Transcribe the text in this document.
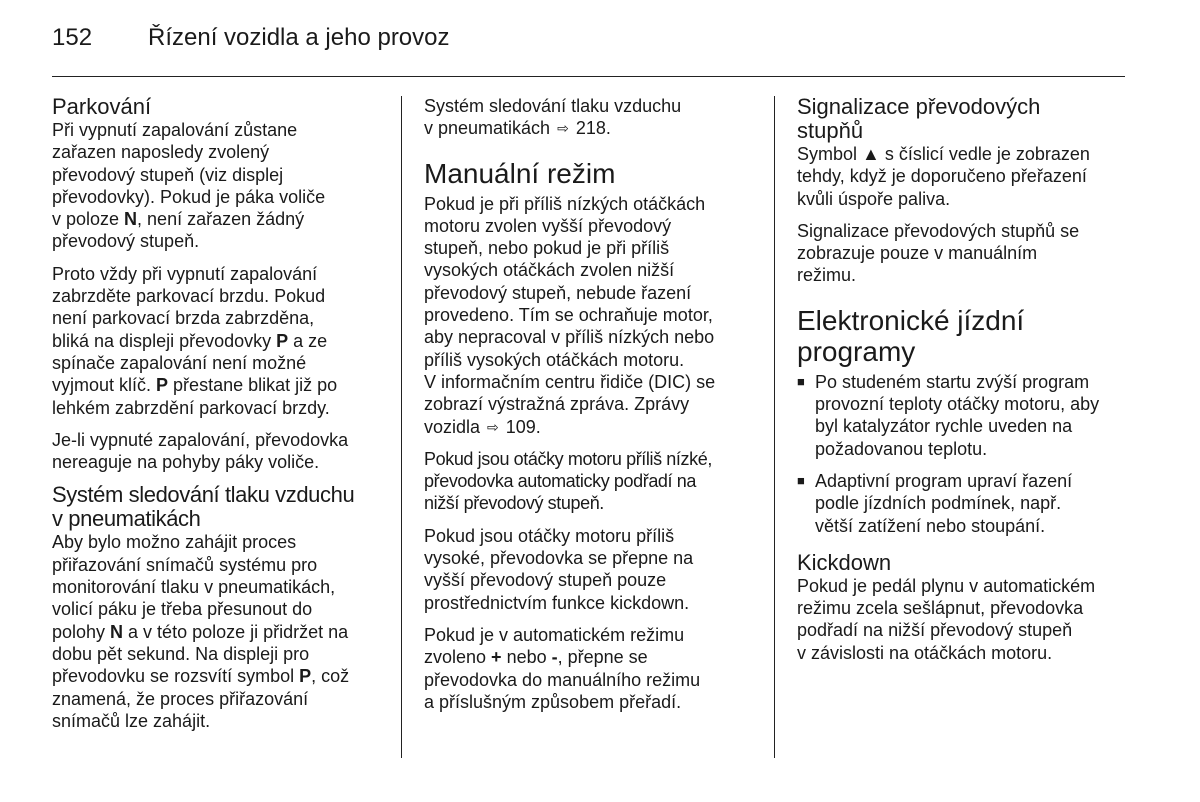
152	Řízení vozidla a jeho provoz
Parkování

Při vypnutí zapalování zůstane
zařazen naposledy zvolený
převodový stupeň (viz displej
převodovky). Pokud je páka voliče
v poloze N, není zařazen žádný
převodový stupeň.

Proto vždy při vypnutí zapalování
zabrzděte parkovací brzdu. Pokud
není parkovací brzda zabrzděna,
bliká na displeji převodovky P a ze
spínače zapalování není možné
vyjmout klíč. P přestane blikat již po
lehkém zabrzdění parkovací brzdy.

Je-li vypnuté zapalování, převodovka
nereaguje na pohyby páky voliče.

Systém sledování tlaku vzduchu
v pneumatikách

Aby bylo možno zahájit proces
přiřazování snímačů systému pro
monitorování tlaku v pneumatikách,
volicí páku je třeba přesunout do
polohy N a v této poloze ji přidržet na
dobu pět sekund. Na displeji pro
převodovku se rozsvítí symbol P, což
znamená, že proces přiřazování
snímačů lze zahájit.

Systém sledování tlaku vzduchu
v pneumatikách ⇨ 218.

Manuální režim

Pokud je při příliš nízkých otáčkách
motoru zvolen vyšší převodový
stupeň, nebo pokud je při příliš
vysokých otáčkách zvolen nižší
převodový stupeň, nebude řazení
provedeno. Tím se ochraňuje motor,
aby nepracoval v příliš nízkých nebo
příliš vysokých otáčkách motoru.
V informačním centru řidiče (DIC) se
zobrazí výstražná zpráva. Zprávy
vozidla ⇨ 109.

Pokud jsou otáčky motoru příliš nízké,
převodovka automaticky podřadí na
nižší převodový stupeň.

Pokud jsou otáčky motoru příliš
vysoké, převodovka se přepne na
vyšší převodový stupeň pouze
prostřednictvím funkce kickdown.

Pokud je v automatickém režimu
zvoleno + nebo -, přepne se
převodovka do manuálního režimu
a příslušným způsobem přeřadí.

Signalizace převodových
stupňů

Symbol ▲ s číslicí vedle je zobrazen
tehdy, když je doporučeno přeřazení
kvůli úspoře paliva.

Signalizace převodových stupňů se
zobrazuje pouze v manuálním
režimu.

Elektronické jízdní
programy
■ Po studeném startu zvýší program
provozní teploty otáčky motoru, aby
byl katalyzátor rychle uveden na
požadovanou teplotu.
■ Adaptivní program upraví řazení
podle jízdních podmínek, např.
větší zatížení nebo stoupání.
Kickdown

Pokud je pedál plynu v automatickém
režimu zcela sešlápnut, převodovka
podřadí na nižší převodový stupeň
v závislosti na otáčkách motoru.
